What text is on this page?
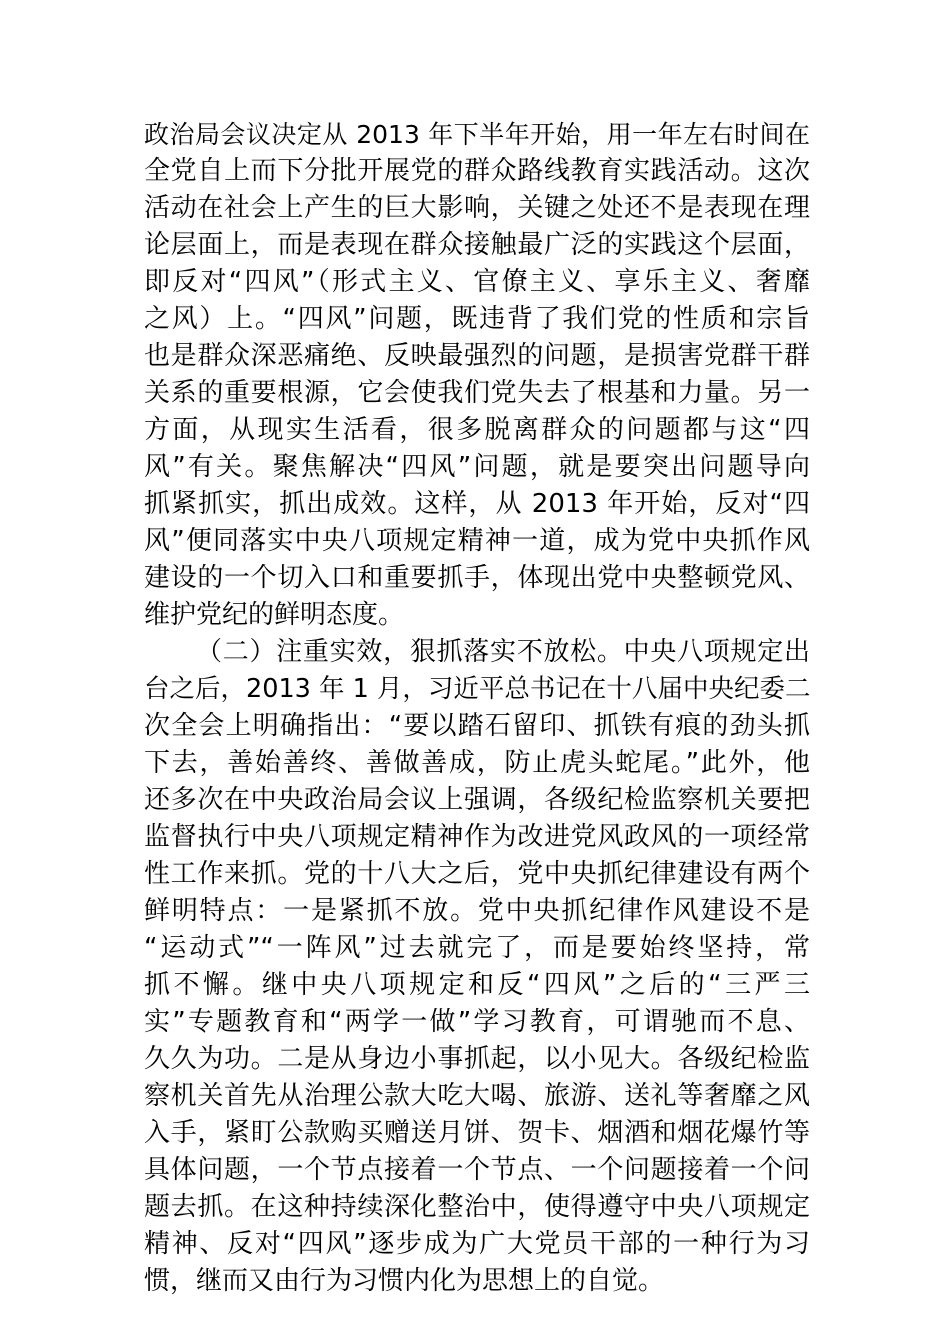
政治局会议决定从 2013 年下半年开始，用一年左右时间在
全党自上而下分批开展党的群众路线教育实践活动。这次
活动在社会上产生的巨大影响，关键之处还不是表现在理
论层面上，而是表现在群众接触最广泛的实践这个层面，
即反对“四风”（形式主义、官僚主义、享乐主义、奢靡
之风）上。“四风”问题，既违背了我们党的性质和宗旨
也是群众深恶痛绝、反映最强烈的问题，是损害党群干群
关系的重要根源，它会使我们党失去了根基和力量。另一
方面，从现实生活看，很多脱离群众的问题都与这“四
风”有关。聚焦解决“四风”问题，就是要突出问题导向
抓紧抓实，抓出成效。这样，从 2013 年开始，反对“四
风”便同落实中央八项规定精神一道，成为党中央抓作风
建设的一个切入口和重要抓手，体现出党中央整顿党风、
维护党纪的鲜明态度。
（二）注重实效，狠抓落实不放松。中央八项规定出
台之后，2013 年 1 月，习近平总书记在十八届中央纪委二
次全会上明确指出：“要以踏石留印、抓铁有痕的劲头抓
下去，善始善终、善做善成，防止虎头蛇尾。”此外，他
还多次在中央政治局会议上强调，各级纪检监察机关要把
监督执行中央八项规定精神作为改进党风政风的一项经常
性工作来抓。党的十八大之后，党中央抓纪律建设有两个
鲜明特点：一是紧抓不放。党中央抓纪律作风建设不是
“运动式”“一阵风”过去就完了，而是要始终坚持，常
抓不懈。继中央八项规定和反“四风”之后的“三严三
实”专题教育和“两学一做”学习教育，可谓驰而不息、
久久为功。二是从身边小事抓起，以小见大。各级纪检监
察机关首先从治理公款大吃大喝、旅游、送礼等奢靡之风
入手，紧盯公款购买赠送月饼、贺卡、烟酒和烟花爆竹等
具体问题，一个节点接着一个节点、一个问题接着一个问
题去抓。在这种持续深化整治中，使得遵守中央八项规定
精神、反对“四风”逐步成为广大党员干部的一种行为习
惯，继而又由行为习惯内化为思想上的自觉。
